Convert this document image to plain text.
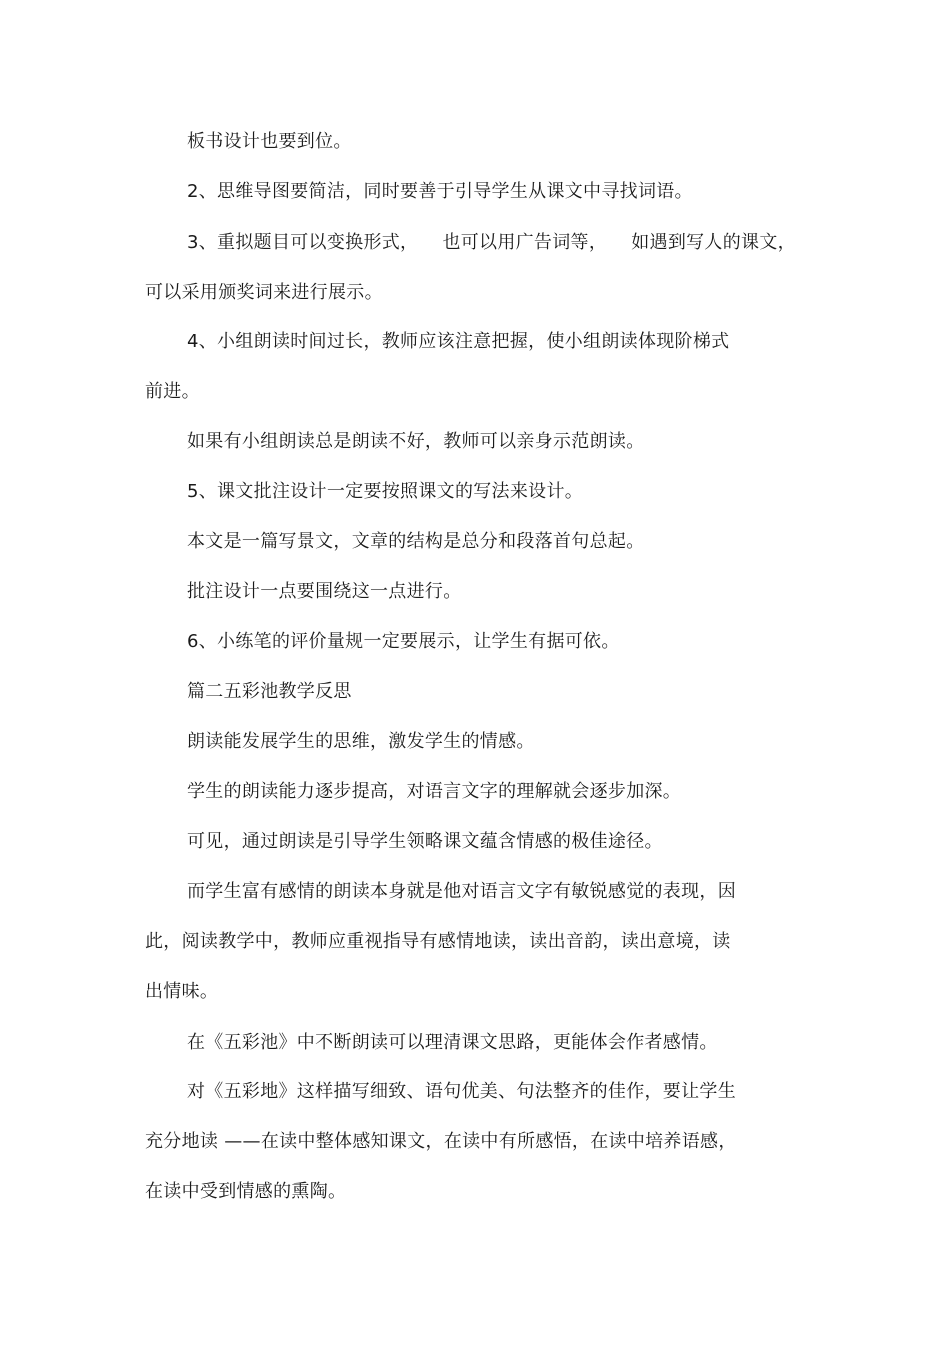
板书设计也要到位。
2、思维导图要简洁，同时要善于引导学生从课文中寻找词语。
3、重拟题目可以变换形式，    也可以用广告词等，    如遇到写人的课文，
可以采用颁奖词来进行展示。
4、小组朗读时间过长，教师应该注意把握，使小组朗读体现阶梯式
前进。
如果有小组朗读总是朗读不好，教师可以亲身示范朗读。
5、课文批注设计一定要按照课文的写法来设计。
本文是一篇写景文，文章的结构是总分和段落首句总起。
批注设计一点要围绕这一点进行。
6、小练笔的评价量规一定要展示，让学生有据可依。
篇二五彩池教学反思
朗读能发展学生的思维，激发学生的情感。
学生的朗读能力逐步提高，对语言文字的理解就会逐步加深。
可见，通过朗读是引导学生领略课文蕴含情感的极佳途径。
而学生富有感情的朗读本身就是他对语言文字有敏锐感觉的表现，因
此，阅读教学中，教师应重视指导有感情地读，读出音韵，读出意境，读
出情味。
在《五彩池》中不断朗读可以理清课文思路，更能体会作者感情。
对《五彩地》这样描写细致、语句优美、句法整齐的佳作，要让学生
充分地读 ——在读中整体感知课文，在读中有所感悟，在读中培养语感，
在读中受到情感的熏陶。
